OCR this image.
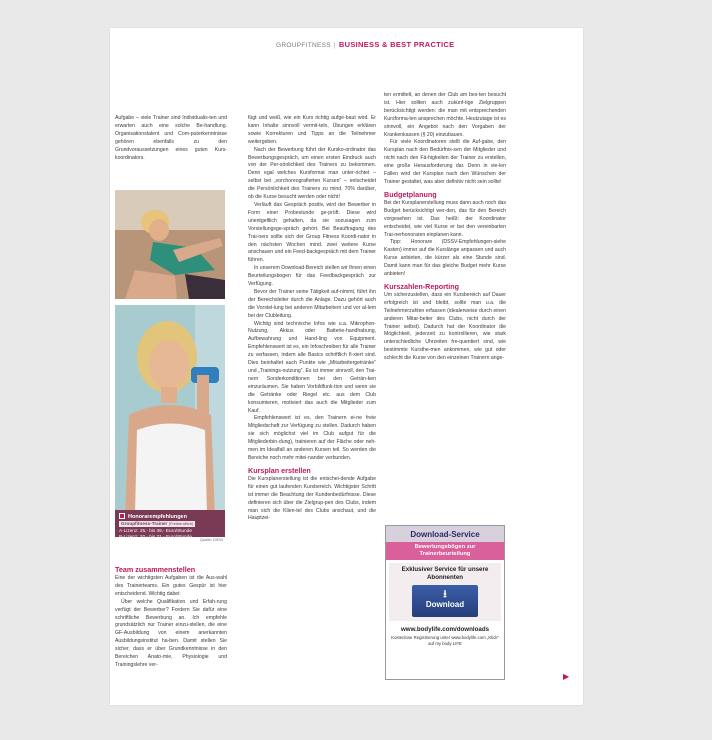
GROUPFITNESS | BUSINESS & BEST PRACTICE

Aufgabe – viele Trainer sind Individualis-ten und erwarten auch eine solche Be-handlung. Organisationstalent und Com-puterkenntnisse gehören ebenfalls zu den Grundvoraussetzungen eines guten Kurs-koordinators.

Honorarempfehlungen
Groupfitness-Trainer (Freiberuflich)
A-Lizenz: 25,- bis 39,- Euro/Stunde
B-Lizenz: 20,- bis 31,- Euro/Stunde
Quelle: DSSV
Team zusammenstellen

Eine der wichtigsten Aufgaben ist die Aus-wahl des Trainerteams. Ein gutes Gespür ist hier entscheidend. Wichtig dabei:

Über welche Qualifikation und Erfah-rung verfügt der Bewerber? Fordern Sie dafür eine schriftliche Bewerbung an. Ich empfehle grundsätzlich nur Trainer einzu-stellen, die eine GF-Ausbildung von einem anerkannten Ausbildungsinstitut ha-ben. Damit stellen Sie sicher, dass er über Grundkenntnisse in den Bereichen Anato-mie, Physiologie und Trainingslehre ver-

fügt und weiß, wie ein Kurs richtig aufge-baut wird. Er kann Inhalte sinnvoll vermit-teln, Übungen erklären sowie Korrekturen und Tipps an die Teilnehmer weitergeben.

Nach der Bewerbung führt der Kursko-ordinator das Bewerbungsgespräch, um einen ersten Eindruck auch von der Per-sönlichkeit des Trainers zu bekommen. Denn egal welches Kursformat man unter-richtet – selbst bei „vorchoreografierten Kursen“ – entscheidet die Persönlichkeit des Trainers zu mind. 70% darüber, ob die Kurse besucht werden oder nicht!

Verläuft das Gespräch positiv, wird der Bewerber in Form einer Probestunde ge-prüft. Diese wird unentgeltlich gehalten, da sie sozusagen zum Vorstellungsge-spräch gehört. Bei Beauftragung des Trai-ners sollte sich der Group Fitness Koordi-nator in den nächsten Wochen mind. zwei weitere Kurse anschauen und ein Feed-backgespräch mit dem Trainer führen.

In unserem Download-Bereich stellen wir Ihnen einen Beurteilungsbogen für das Feedbackgespräch zur Verfügung.

Bevor der Trainer seine Tätigkeit auf-nimmt, führt ihn der Bereichsleiter durch die Anlage. Dazu gehört auch die Vorstel-lung bei anderen Mitarbeitern und vor al-lem bei der Clubleitung.

Wichtig sind technische Infos wie u.a. Mikrophon-Nutzung, Akkus oder Batterie-handhabung, Aufbewahrung und Hand-ling von Equipment. Empfehlenswert ist es, ein Infoschreiben für alle Trainer zu verfassen, indem alle Basics schriftlich fi-xiert sind. Dies beinhaltet auch Punkte wie „Mitarbeitergetränke“ und „Trainings-nutzung“. Es ist immer sinnvoll, den Trai-nern Sonderkonditionen bei den Geträn-ken einzuräumen. Sie haben Vorbildfunk-tion und wenn sie die Getränke oder Riegel etc. aus dem Club konsumieren, motiviert das auch die Mitglieder zum Kauf.

Empfehlenswert ist es, den Trainern ei-ne freie Mitgliedschaft zur Verfügung zu stellen. Dadurch haben sie sich möglichst viel im Club aufgut für die Mitgliederbin-dung), trainieren auf der Fläche oder neh-men im Idealfall an anderen Kursen teil. So werden die Bereiche noch mehr mitei-nander verbunden.

Kursplan erstellen

Die Kursplanerstellung ist die entschei-dende Aufgabe für einen gut laufenden Kursbereich. Wichtigster Schritt ist immer die Beachtung der Kundenbedürfnisse. Diese definieren sich über die Zielgrup-pen des Clubs, indem man sich die Klien-tel des Clubs anschaut, und die Hauptzei-

ten ermittelt, an denen der Club am bes-ten besucht ist. Hier sollten auch zukünf-tige Zielgruppen berücksichtigt werden: die man mit entsprechenden Kursforma-ten ansprechen möchte. Heutzutage ist es sinnvoll, ein Angebot nach den Vorgaben der Krankenkassen (§ 20) einzubauen.

Für viele Koordinatoren stellt die Auf-gabe, den Kursplan nach den Bedürfnis-sen der Mitglieder und nicht nach den Fä-higkeiten der Trainer zu erstellen, eine große Herausforderung dar. Denn in vie-len Fällen wird der Kursplan nach den Wünschen der Trainer gestaltet, was aber definitiv nicht sein sollte!

Budgetplanung

Bei der Kursplanerstellung muss dann auch noch das Budget berücksichtigt wer-den, das für den Bereich vorgesehen ist. Das heißt: der Koordinator entscheidet, wie viel Kurse er bei den vereinbarten Trai-nerhonoraren einplanen kann.

Tipp: Honorare (DSSV-Empfehlungen-siehe Kasten) immer auf die Kurslänge anpassen und auch Kurse anbieten, die kürzer als eine Stunde sind. Damit kann man für das gleiche Budget mehr Kurse anbieten!

Kurszahlen-Reporting

Um sicherzustellen, dass ein Kursbereich auf Dauer erfolgreich ist und bleibt, sollte man u.a. die Teilnehmerzahlen erfassen (idealerweise durch einen anderen Mitar-beiter des Clubs, nicht durch der Trainer selbst). Dadurch hat der Koordinator die Möglichkeit, jederzeit zu kontrollieren, wie stark unterschiedliche Uhrzeiten fre-quentiert sind, wie bestimmte Kursthe-men ankommen, wie gut oder schlecht die Kurse von den einzelnen Trainern ange-

Download-Service
Bewertungsbögen zur Trainerbeurteilung
Exklusiver Service für unsere Abonnenten
⭳
Download
www.bodylife.com/downloads
Kostenlose Registrierung unter www.bodylife.com „Klick“ auf my body LIFE
▶
